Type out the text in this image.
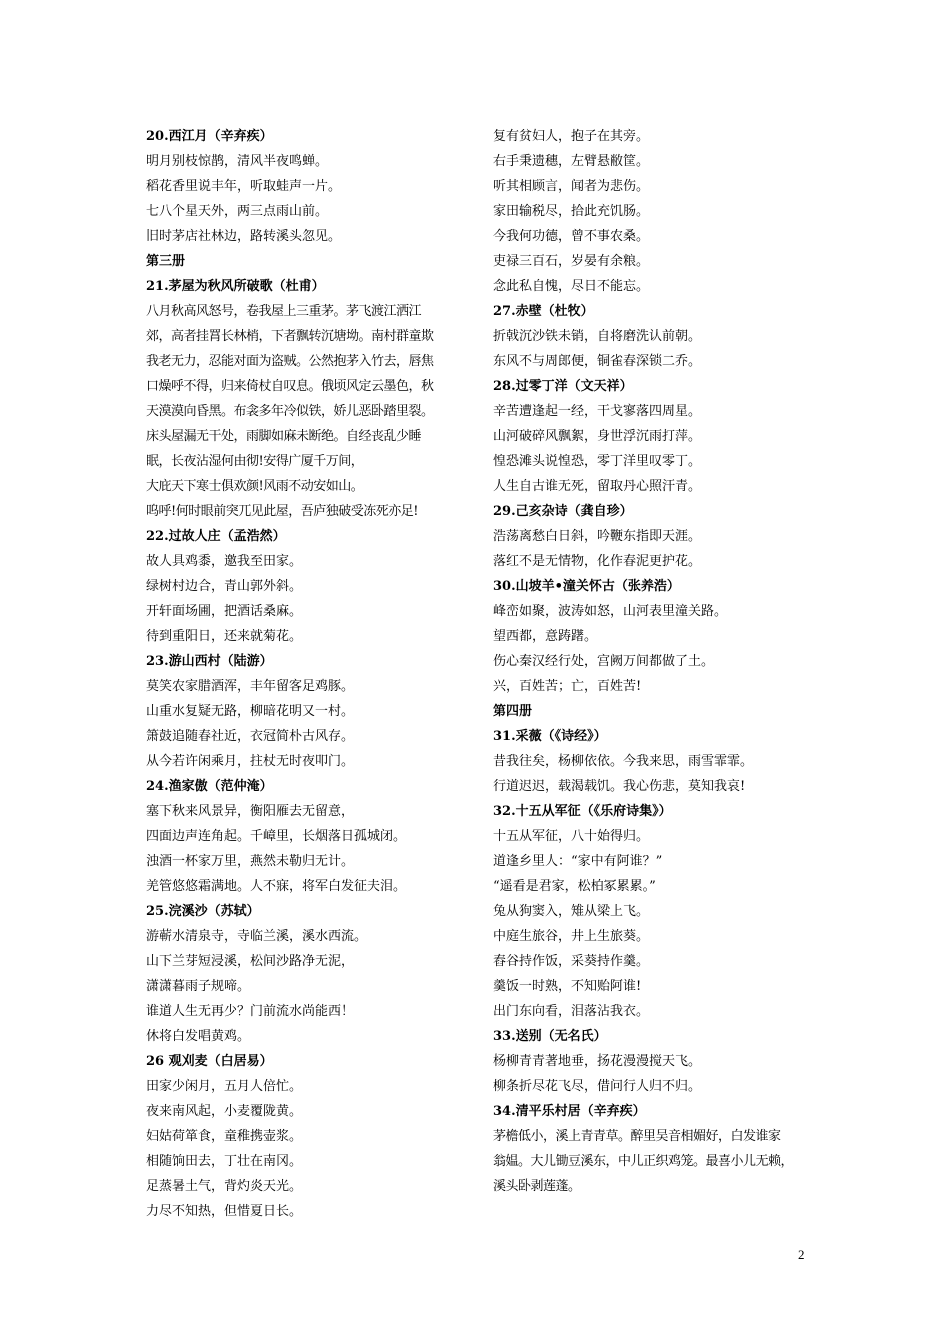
20.西江月（辛弃疾）
明月别枝惊鹊，清风半夜鸣蝉。
稻花香里说丰年，听取蛙声一片。
七八个星天外，两三点雨山前。
旧时茅店社林边，路转溪头忽见。
第三册
21.茅屋为秋风所破歌（杜甫）
八月秋高风怒号，卷我屋上三重茅。茅飞渡江洒江
郊，高者挂罥长林梢，下者飘转沉塘坳。南村群童欺
我老无力，忍能对面为盗贼。公然抱茅入竹去，唇焦
口燥呼不得，归来倚杖自叹息。俄顷风定云墨色，秋
天漠漠向昏黑。布衾多年冷似铁，娇儿恶卧踏里裂。
床头屋漏无干处，雨脚如麻未断绝。自经丧乱少睡
眠，长夜沾湿何由彻!安得广厦千万间，
大庇天下寒士俱欢颜!风雨不动安如山。
呜呼!何时眼前突兀见此屋，吾庐独破受冻死亦足!
22.过故人庄（孟浩然）
故人具鸡黍，邀我至田家。
绿树村边合，青山郭外斜。
开轩面场圃，把酒话桑麻。
待到重阳日，还来就菊花。
23.游山西村（陆游）
莫笑农家腊酒浑，丰年留客足鸡豚。
山重水复疑无路，柳暗花明又一村。
箫鼓追随春社近，衣冠简朴古风存。
从今若许闲乘月，拄杖无时夜叩门。
24.渔家傲（范仲淹）
塞下秋来风景异，衡阳雁去无留意，
四面边声连角起。千嶂里，长烟落日孤城闭。
浊酒一杯家万里，燕然未勒归无计。
羌管悠悠霜满地。人不寐，将军白发征夫泪。
25.浣溪沙（苏轼）
游蕲水清泉寺，寺临兰溪，溪水西流。
山下兰芽短浸溪，松间沙路净无泥，
潇潇暮雨子规啼。
谁道人生无再少？门前流水尚能西！
休将白发唱黄鸡。
26 观刈麦（白居易）
田家少闲月，五月人倍忙。
夜来南风起，小麦覆陇黄。
妇姑荷箪食，童稚携壶浆。
相随饷田去，丁壮在南冈。
足蒸暑土气，背灼炎天光。
力尽不知热，但惜夏日长。
复有贫妇人，抱子在其旁。
右手秉遗穗，左臂悬敝筐。
听其相顾言，闻者为悲伤。
家田输税尽，拾此充饥肠。
今我何功德，曾不事农桑。
吏禄三百石，岁晏有余粮。
念此私自愧，尽日不能忘。
27.赤壁（杜牧）
折戟沉沙铁未销，自将磨洗认前朝。
东风不与周郎便，铜雀春深锁二乔。
28.过零丁洋（文天祥）
辛苦遭逢起一经，干戈寥落四周星。
山河破碎风飘絮，身世浮沉雨打萍。
惶恐滩头说惶恐，零丁洋里叹零丁。
人生自古谁无死，留取丹心照汗青。
29.己亥杂诗（龚自珍）
浩荡离愁白日斜，吟鞭东指即天涯。
落红不是无情物，化作春泥更护花。
30.山坡羊•潼关怀古（张养浩）
峰峦如聚，波涛如怒，山河表里潼关路。
望西都，意踌躇。
伤心秦汉经行处，宫阙万间都做了土。
兴，百姓苦；亡，百姓苦!
第四册
31.采薇（《诗经》）
昔我往矣，杨柳依依。今我来思，雨雪霏霏。
行道迟迟，载渴载饥。我心伤悲，莫知我哀!
32.十五从军征（《乐府诗集》）
十五从军征，八十始得归。
道逢乡里人：“家中有阿谁？”
“遥看是君家，松柏冢累累。”
兔从狗窦入，雉从梁上飞。
中庭生旅谷，井上生旅葵。
舂谷持作饭，采葵持作羹。
羹饭一时熟，不知贻阿谁!
出门东向看，泪落沾我衣。
33.送别（无名氏）
杨柳青青著地垂，扬花漫漫搅天飞。
柳条折尽花飞尽，借问行人归不归。
34.清平乐村居（辛弃疾）
茅檐低小，溪上青青草。醉里吴音相媚好，白发谁家
翁媪。大儿锄豆溪东，中儿正织鸡笼。最喜小儿无赖，
溪头卧剥莲蓬。
2
